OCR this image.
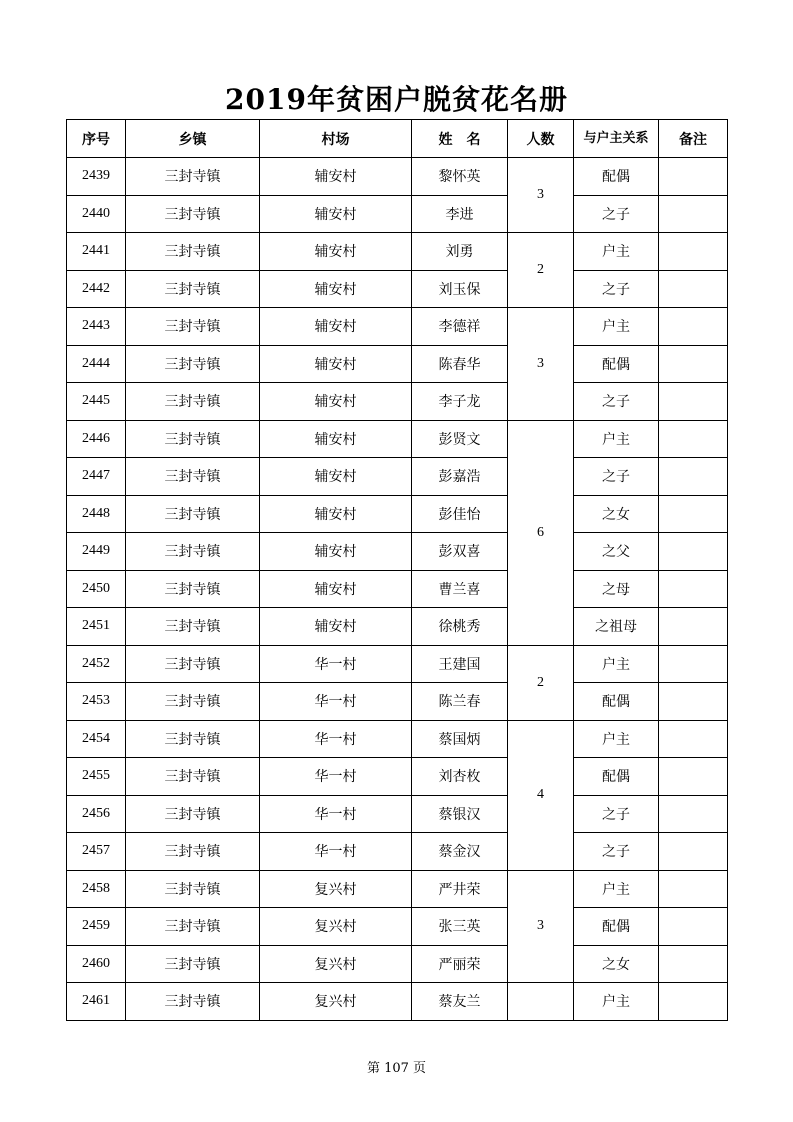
2019年贫困户脱贫花名册
序号	乡镇	村场	姓　名	人数	与户主关系	备注
2439	三封寺镇	辅安村	黎怀英	3	配偶	
2440	三封寺镇	辅安村	李进		之子	
2441	三封寺镇	辅安村	刘勇	2	户主	
2442	三封寺镇	辅安村	刘玉保		之子	
2443	三封寺镇	辅安村	李德祥	3	户主	
2444	三封寺镇	辅安村	陈春华		配偶	
2445	三封寺镇	辅安村	李子龙		之子	
2446	三封寺镇	辅安村	彭贤文	6	户主	
2447	三封寺镇	辅安村	彭嘉浩		之子	
2448	三封寺镇	辅安村	彭佳怡		之女	
2449	三封寺镇	辅安村	彭双喜		之父	
2450	三封寺镇	辅安村	曹兰喜		之母	
2451	三封寺镇	辅安村	徐桃秀		之祖母	
2452	三封寺镇	华一村	王建国	2	户主	
2453	三封寺镇	华一村	陈兰春		配偶	
2454	三封寺镇	华一村	蔡国炳	4	户主	
2455	三封寺镇	华一村	刘杏枚		配偶	
2456	三封寺镇	华一村	蔡银汉		之子	
2457	三封寺镇	华一村	蔡金汉		之子	
2458	三封寺镇	复兴村	严井荣	3	户主	
2459	三封寺镇	复兴村	张三英		配偶	
2460	三封寺镇	复兴村	严丽荣		之女	
2461	三封寺镇	复兴村	蔡友兰		户主	
第 107 页
